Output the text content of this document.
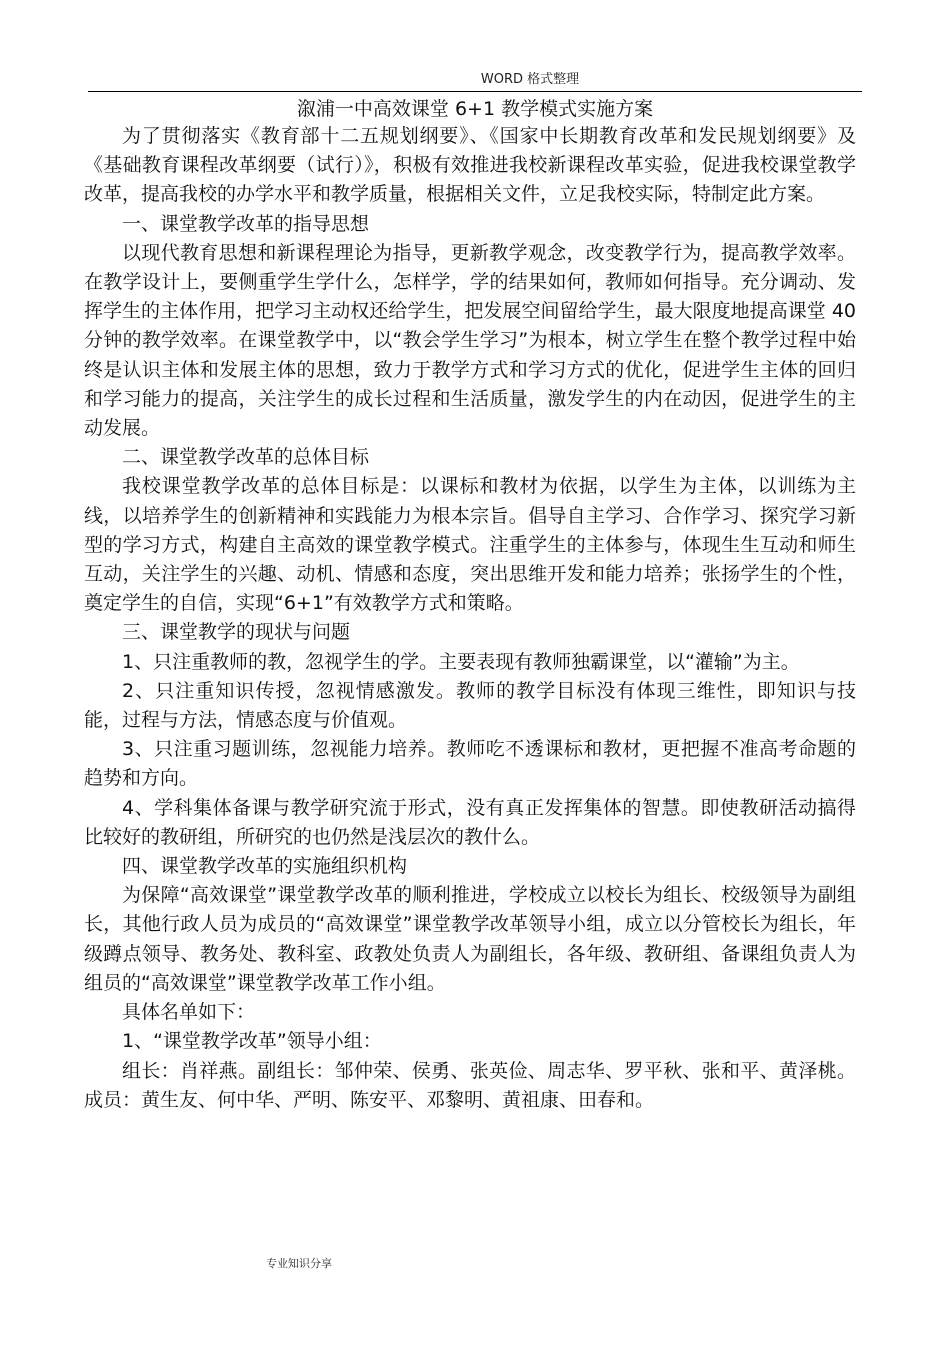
WORD 格式整理
溆浦一中高效课堂 6+1 教学模式实施方案

为了贯彻落实《教育部十二五规划纲要》、《国家中长期教育改革和发民规划纲要》及《基础教育课程改革纲要（试行）》，积极有效推进我校新课程改革实验，促进我校课堂教学改革，提高我校的办学水平和教学质量，根据相关文件，立足我校实际，特制定此方案。

一、课堂教学改革的指导思想

以现代教育思想和新课程理论为指导，更新教学观念，改变教学行为，提高教学效率。在教学设计上，要侧重学生学什么，怎样学，学的结果如何，教师如何指导。充分调动、发挥学生的主体作用，把学习主动权还给学生，把发展空间留给学生，最大限度地提高课堂 40 分钟的教学效率。在课堂教学中，以“教会学生学习”为根本，树立学生在整个教学过程中始终是认识主体和发展主体的思想，致力于教学方式和学习方式的优化，促进学生主体的回归和学习能力的提高，关注学生的成长过程和生活质量，激发学生的内在动因，促进学生的主动发展。

二、课堂教学改革的总体目标

我校课堂教学改革的总体目标是：以课标和教材为依据，以学生为主体，以训练为主线，以培养学生的创新精神和实践能力为根本宗旨。倡导自主学习、合作学习、探究学习新型的学习方式，构建自主高效的课堂教学模式。注重学生的主体参与，体现生生互动和师生互动，关注学生的兴趣、动机、情感和态度，突出思维开发和能力培养；张扬学生的个性，奠定学生的自信，实现“6+1”有效教学方式和策略。

三、课堂教学的现状与问题

1、只注重教师的教，忽视学生的学。主要表现有教师独霸课堂，以“灌输”为主。

2、只注重知识传授，忽视情感激发。教师的教学目标没有体现三维性，即知识与技能，过程与方法，情感态度与价值观。

3、只注重习题训练，忽视能力培养。教师吃不透课标和教材，更把握不准高考命题的趋势和方向。

4、学科集体备课与教学研究流于形式，没有真正发挥集体的智慧。即使教研活动搞得比较好的教研组，所研究的也仍然是浅层次的教什么。

四、课堂教学改革的实施组织机构

为保障“高效课堂”课堂教学改革的顺利推进，学校成立以校长为组长、校级领导为副组长，其他行政人员为成员的“高效课堂”课堂教学改革领导小组，成立以分管校长为组长，年级蹲点领导、教务处、教科室、政教处负责人为副组长，各年级、教研组、备课组负责人为组员的“高效课堂”课堂教学改革工作小组。

具体名单如下：

1、“课堂教学改革”领导小组：

组长：肖祥燕。副组长：邹仲荣、侯勇、张英俭、周志华、罗平秋、张和平、黄泽桃。成员：黄生友、何中华、严明、陈安平、邓黎明、黄祖康、田春和。

专业知识分享
